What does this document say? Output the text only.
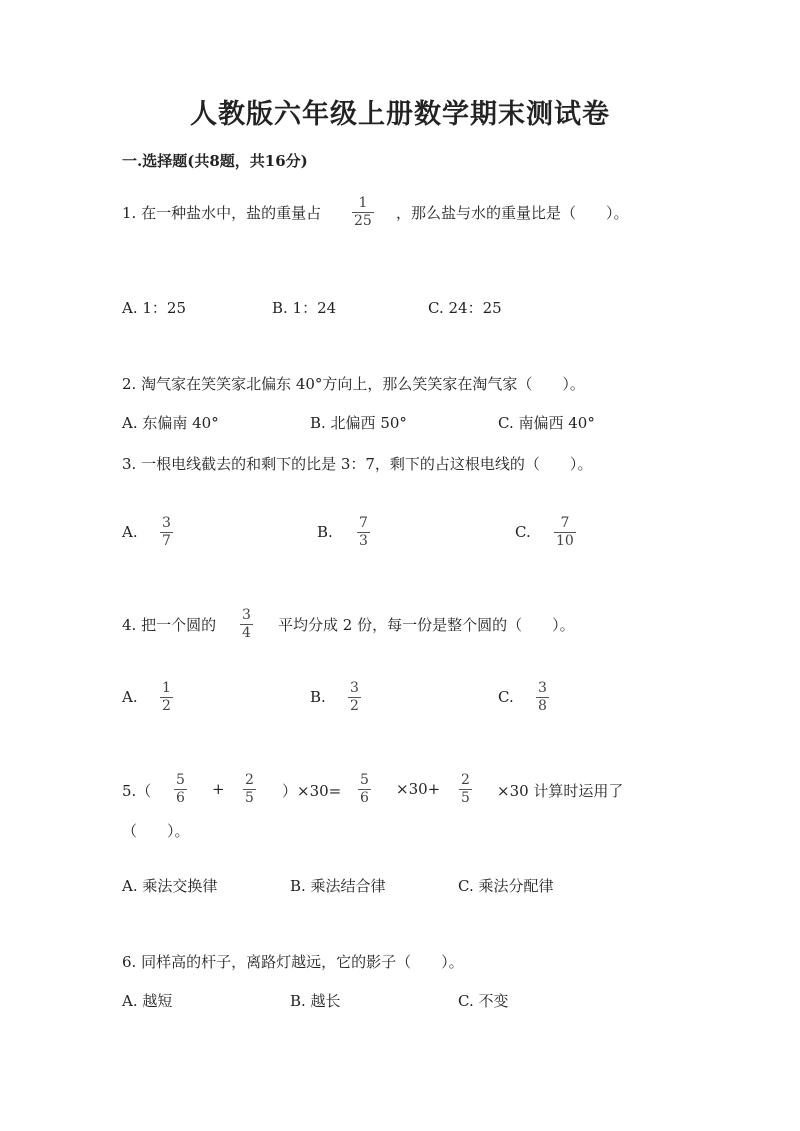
人教版六年级上册数学期末测试卷
一.选择题(共8题，共16分)
1. 在一种盐水中，盐的重量占
1
25 ，那么盐与水的重量比是（　　）。
A. 1：25	B. 1：24	C. 24：25
2. 淘气家在笑笑家北偏东 40°方向上，那么笑笑家在淘气家（　　）。
A. 东偏南 40°	B. 北偏西 50°	C. 南偏西 40°
3. 一根电线截去的和剩下的比是 3：7，剩下的占这根电线的（　　）。
A. 3
7	B. 7
3	C. 7
10
4. 把一个圆的
3
4 平均分成 2 份，每一份是整个圆的（　　）。
A. 1
2	B. 3
2	C. 3
8
5.（
5
6 + 2
5 ）×30=
5
6 ×30+ 2
5 ×30 计算时运用了
（　　）。
A. 乘法交换律	B. 乘法结合律	C. 乘法分配律
6. 同样高的杆子，离路灯越远，它的影子（　　）。
A. 越短	B. 越长	C. 不变
